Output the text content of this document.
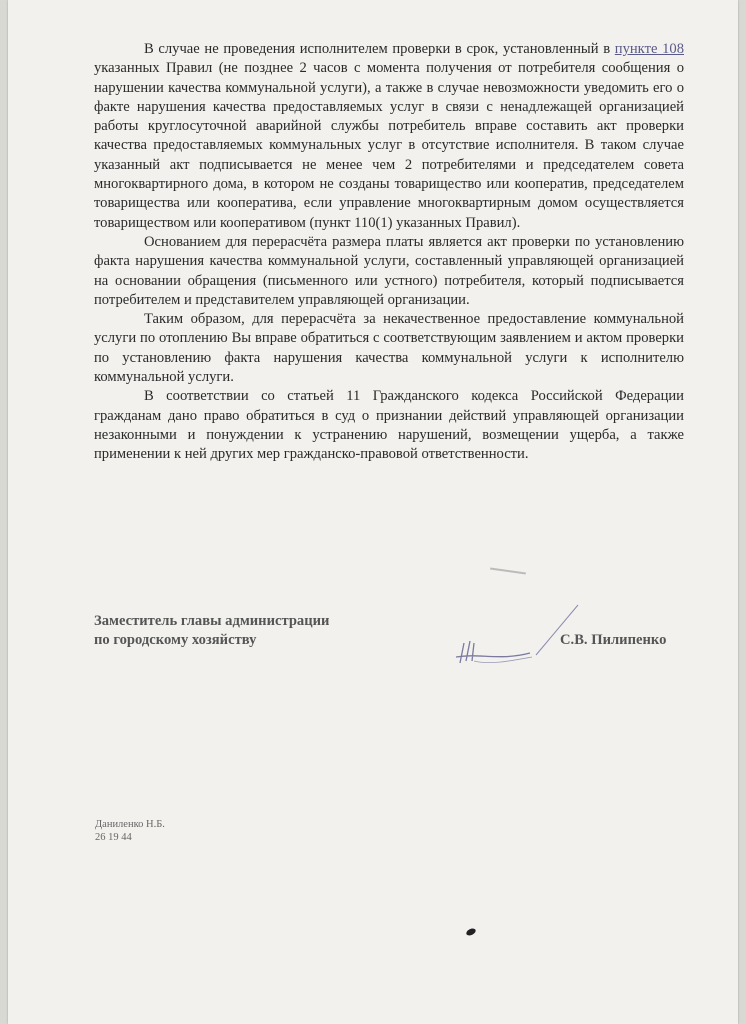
В случае не проведения исполнителем проверки в срок, установленный в пункте 108 указанных Правил (не позднее 2 часов с момента получения от потребителя сообщения о нарушении качества коммунальной услуги), а также в случае невозможности уведомить его о факте нарушения качества предоставляемых услуг в связи с ненадлежащей организацией работы круглосуточной аварийной службы потребитель вправе составить акт проверки качества предоставляемых коммунальных услуг в отсутствие исполнителя. В таком случае указанный акт подписывается не менее чем 2 потребителями и председателем совета многоквартирного дома, в котором не созданы товарищество или кооператив, председателем товарищества или кооператива, если управление многоквартирным домом осуществляется товариществом или кооперативом (пункт 110(1) указанных Правил).

Основанием для перерасчёта размера платы является акт проверки по установлению факта нарушения качества коммунальной услуги, составленный управляющей организацией на основании обращения (письменного или устного) потребителя, который подписывается потребителем и представителем управляющей организации.

Таким образом, для перерасчёта за некачественное предоставление коммунальной услуги по отоплению Вы вправе обратиться с соответствующим заявлением и актом проверки по установлению факта нарушения качества коммунальной услуги к исполнителю коммунальной услуги.

В соответствии со статьей 11 Гражданского кодекса Российской Федерации гражданам дано право обратиться в суд о признании действий управляющей организации незаконными и понуждении к устранению нарушений, возмещении ущерба, а также применении к ней других мер гражданско-правовой ответственности.

Заместитель главы администрации
по городскому хозяйству	С.В. Пилипенко
Даниленко Н.Б.
26 19 44
